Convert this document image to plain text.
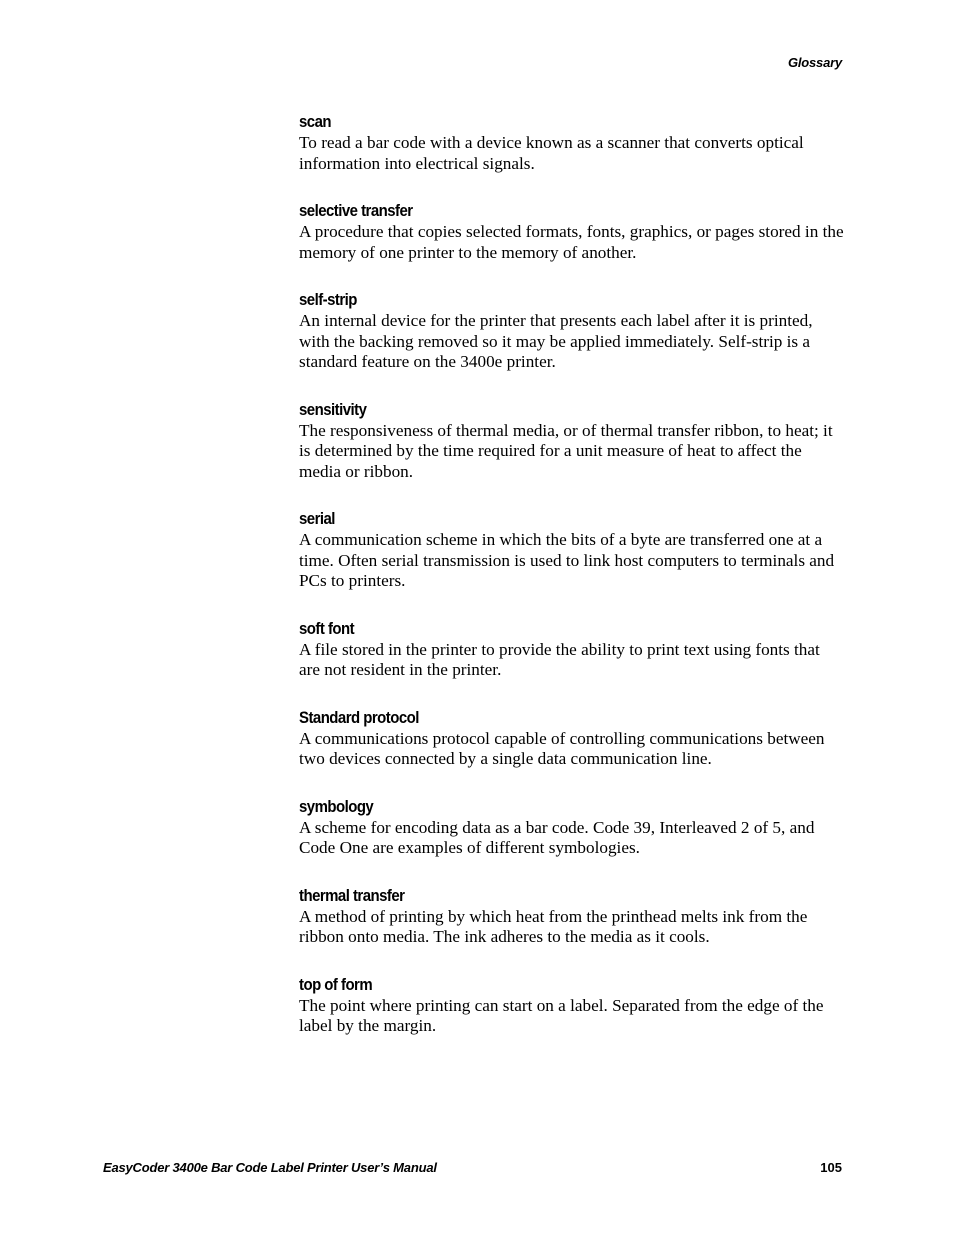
Glossary
scan

To read a bar code with a device known as a scanner that converts optical information into electrical signals.

selective transfer

A procedure that copies selected formats, fonts, graphics, or pages stored in the memory of one printer to the memory of another.

self-strip

An internal device for the printer that presents each label after it is printed, with the backing removed so it may be applied immediately. Self-strip is a standard feature on the 3400e printer.

sensitivity

The responsiveness of thermal media, or of thermal transfer ribbon, to heat; it is determined by the time required for a unit measure of heat to affect the media or ribbon.

serial

A communication scheme in which the bits of a byte are transferred one at a time. Often serial transmission is used to link host computers to terminals and PCs to printers.

soft font

A file stored in the printer to provide the ability to print text using fonts that are not resident in the printer.

Standard protocol

A communications protocol capable of controlling communications between two devices connected by a single data communication line.

symbology

A scheme for encoding data as a bar code. Code 39, Interleaved 2 of 5, and Code One are examples of different symbologies.

thermal transfer

A method of printing by which heat from the printhead melts ink from the ribbon onto media. The ink adheres to the media as it cools.

top of form

The point where printing can start on a label. Separated from the edge of the label by the margin.

EasyCoder 3400e Bar Code Label Printer User’s Manual	105
